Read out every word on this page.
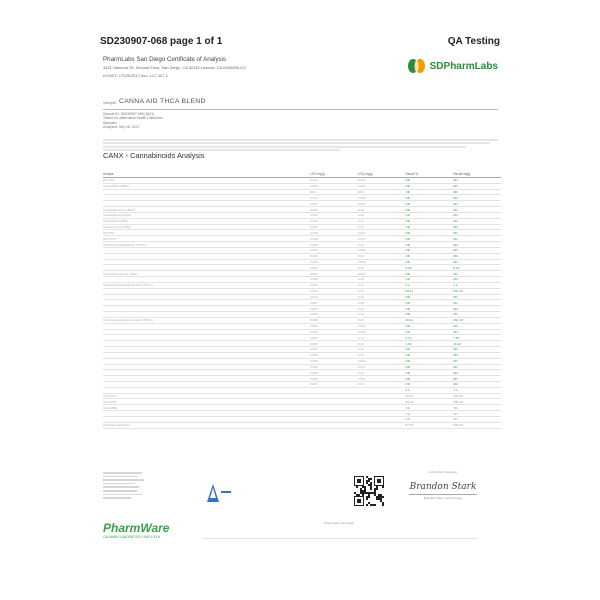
SD230907-068 page 1 of 1	QA Testing
PharmLabs San Diego Certificate of Analysis
3421 Hancock St, Second Floor, San Diego, CA 92110 License: C8-0000096-LIC
ISO/IEC 17025:2017 Acc. L17-427-1
SDPharmLabs
Sample: CANNA AID THCA BLEND
Sample ID: SD230907-068 (3421)
Tested for: Alternative Health Distributor
Sampled:
Analyzed: Sep 08, 2023
CANX - Cannabinoids Analysis
Analyte	LOD mg/g	LOQ mg/g	Result %	Result mg/g
Δ9-THC	0.013	0.041	ND	ND
Cannabidiol (CBD)	0.006	0.021	ND	ND
	0.01	0.03	ND	ND
	0.013	0.036	ND	ND
	0.007	0.021	ND	ND
Cannabidivarin (CBDV)	0.006	0.16	ND	ND
Cannabigerol (CBG)	0.006	0.16	ND	ND
Cannabinol (CBN)	0.006	0.16	ND	ND
Cannabicyclol (CBL)	0.006	0.16	ND	ND
Δ8-THC	0.016	0.044	ND	ND
Δ10-THC	0.012	0.073	ND	ND
Tetrahydrocannabivarin (THCV)	0.006	0.16	ND	ND
	0.021	0.064	ND	ND
	0.005	0.16	ND	ND
	0.016	0.056	ND	ND
	0.008	0.16	0.03	0.34
Cannabichromene (CBC)	0.005	0.047	ND	ND
	0.005	0.16	ND	ND
Tetrahydrocannabinolic Acid (THCA)	0.005	0.16	0.1	1.1
	0.011	0.16	83.11	831.10
	0.010	0.16	ND	ND
	0.007	0.16	ND	ND
	0.007	0.16	ND	ND
	0.006	0.16	ND	ND
Tetrahydrocannabinolic Acid (THCA)	0.006	0.16	26.11	261.10
	0.004	0.037	ND	ND
	0.004	0.043	ND	ND
	0.007	0.16	0.74	7.40
	0.006	0.16	1.64	16.42
	0.003	0.16	ND	ND
	0.006	0.16	ND	ND
	0.005	0.014	ND	ND
	0.006	0.074	ND	ND
	0.006	0.16	ND	ND
	0.008	0.053	ND	ND
	0.007	0.16	ND	ND
			0.1	1.1
Total THC			84.71	847.09
Total THC			83.22	832.18
Total CBD			ND	ND
			ND	ND
			ND	ND
Total Cannabinoids			87.62	876.19
Authorized Signature
Brandon Stark
Brandon Stark, Lab Manager
PharmWare
CANNABIS LABORATORY LIMS & ELN
PharmLabs San Diego
